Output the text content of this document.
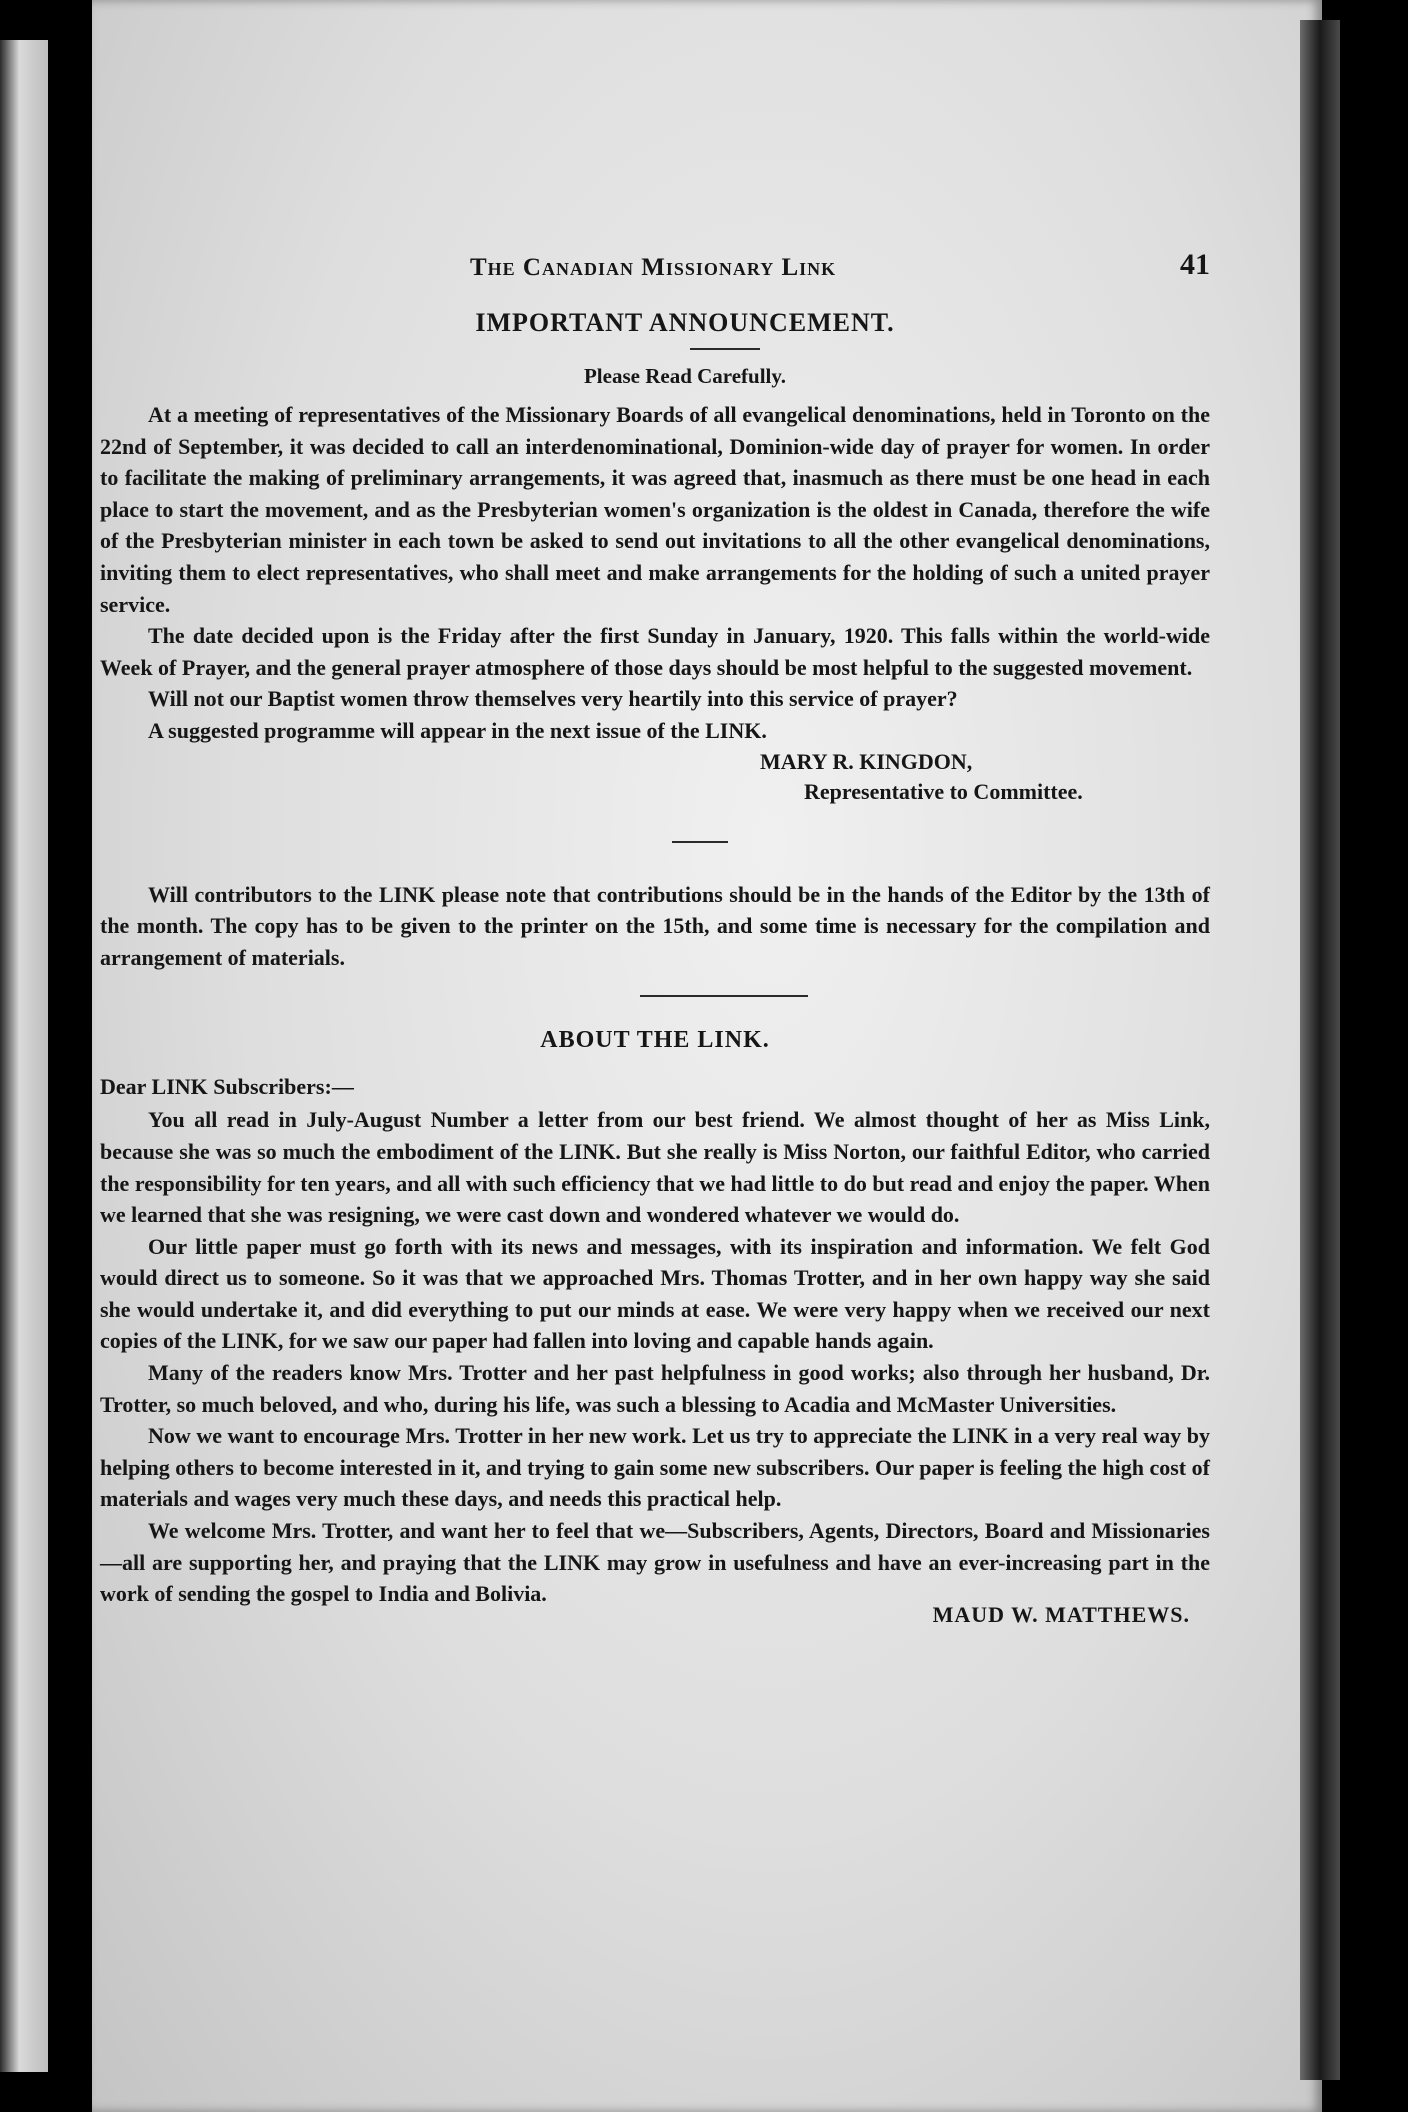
The Canadian Missionary Link	41
IMPORTANT ANNOUNCEMENT.
Please Read Carefully.

At a meeting of representatives of the Missionary Boards of all evangelical denominations, held in Toronto on the 22nd of September, it was decided to call an interdenominational, Dominion-wide day of prayer for women. In order to facilitate the making of preliminary arrangements, it was agreed that, inasmuch as there must be one head in each place to start the movement, and as the Presbyterian women's organization is the oldest in Canada, therefore the wife of the Presbyterian minister in each town be asked to send out invitations to all the other evangelical denominations, inviting them to elect representatives, who shall meet and make arrangements for the holding of such a united prayer service.

The date decided upon is the Friday after the first Sunday in January, 1920. This falls within the world-wide Week of Prayer, and the general prayer atmosphere of those days should be most helpful to the suggested movement.

Will not our Baptist women throw themselves very heartily into this service of prayer?

A suggested programme will appear in the next issue of the LINK.

MARY R. KINGDON,
Representative to Committee.

Will contributors to the LINK please note that contributions should be in the hands of the Editor by the 13th of the month. The copy has to be given to the printer on the 15th, and some time is necessary for the compilation and arrangement of materials.

ABOUT THE LINK.

Dear LINK Subscribers:—

You all read in July-August Number a letter from our best friend. We almost thought of her as Miss Link, because she was so much the embodiment of the LINK. But she really is Miss Norton, our faithful Editor, who carried the responsibility for ten years, and all with such efficiency that we had little to do but read and enjoy the paper. When we learned that she was resigning, we were cast down and wondered whatever we would do.

Our little paper must go forth with its news and messages, with its inspiration and information. We felt God would direct us to someone. So it was that we approached Mrs. Thomas Trotter, and in her own happy way she said she would undertake it, and did everything to put our minds at ease. We were very happy when we received our next copies of the LINK, for we saw our paper had fallen into loving and capable hands again.

Many of the readers know Mrs. Trotter and her past helpfulness in good works; also through her husband, Dr. Trotter, so much beloved, and who, during his life, was such a blessing to Acadia and McMaster Universities.

Now we want to encourage Mrs. Trotter in her new work. Let us try to appreciate the LINK in a very real way by helping others to become interested in it, and trying to gain some new subscribers. Our paper is feeling the high cost of materials and wages very much these days, and needs this practical help.

We welcome Mrs. Trotter, and want her to feel that we—Subscribers, Agents, Directors, Board and Missionaries—all are supporting her, and praying that the LINK may grow in usefulness and have an ever-increasing part in the work of sending the gospel to India and Bolivia.

MAUD W. MATTHEWS.
